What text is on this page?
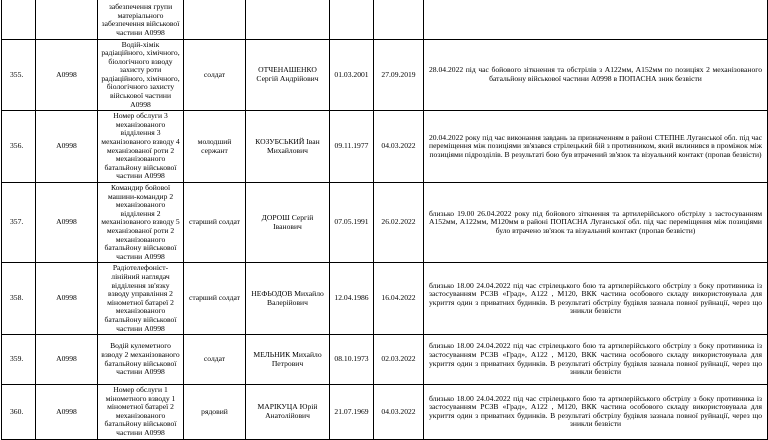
		забезпечення групи матеріального забезпечення військової частини А0998					
355.	А0998	Водій-хімік радіаційного, хімічного, біологічного взводу захисту роти радіаційного, хімічного, біологічного захисту військової частини А0998	солдат	ОТЧЕНАШЕНКО Сергій Андрійович	01.03.2001	27.09.2019	28.04.2022 під час бойового зіткнення та обстрілів з А122мм, А152мм по позиціях 2 механізованого батальйону військової частини А0998 в ПОПАСНА зник безвісти
356.	А0998	Номер обслуги 3 механізованого відділення 3 механізованого взводу 4 механізованої роти 2 механізованого батальйону військової частини А0998	молодший сержант	КОЗУБСЬКИЙ Іван Михайлович	09.11.1977	04.03.2022	20.04.2022 року під час виконання завдань за призначенням в районі СТЕПНЕ Луганської обл. під час переміщення між позиціями зв'язався стрілецький бій з противником, який вклинився в проміжок між позиціями підрозділів. В результаті бою був втрачений зв'язок та візуальний контакт (пропав безвісти)
357.	А0998	Командир бойової машини-командир 2 механізованого відділення 2 механізованого взводу 5 механізованої роти 2 механізованого батальйону військової частини А0998	старший солдат	ДОРОШ Сергій Іванович	07.05.1991	26.02.2022	близько 19.00 26.04.2022 року під бойового зіткнення та артилерійського обстрілу з застосуванням А152мм, А122мм, М120мм в районі ПОПАСНА Луганської обл. під час переміщення між позиціями було втрачено зв'язок та візуальний контакт (пропав безвісти)
358.	А0998	Радіотелефоніст-лінійний наглядач відділення зв'язку взводу управління 2 мінометної батареї 2 механізованого батальйону військової частини А0998	старший солдат	НЕФЬОДОВ Михайло Валерійович	12.04.1986	16.04.2022	близько 18.00 24.04.2022 під час стрілецького бою та артилерійського обстрілу з боку противника із застосуванням РСЗВ «Град», А122 , М120, ВКК частина особового складу використовувала для укриття один з приватних будинків. В результаті обстрілу будівля зазнала повної руйнації, через що зникли безвісти
359.	А0998	Водій кулеметного взводу 2 механізованого батальйону військової частини А0998	солдат	МЕЛЬНИК Михайло Петрович	08.10.1973	02.03.2022	близько 18.00 24.04.2022 під час стрілецького бою та артилерійського обстрілу з боку противника із застосуванням РСЗВ «Град», А122 , М120, ВКК частина особового складу використовувала для укриття один з приватних будинків. В результаті обстрілу будівля зазнала повної руйнації, через що зникли безвісти
360.	А0998	Номер обслуги 1 мінометного взводу 1 мінометної батареї 2 механізованого батальйону військової частини А0998	рядовий	МАРІКУЦА Юрій Анатолійович	21.07.1969	04.03.2022	близько 18.00 24.04.2022 під час стрілецького бою та артилерійського обстрілу з боку противника із застосуванням РСЗВ «Град», А122 , М120, ВКК частина особового складу використовувала для укриття один з приватних будинків. В результаті обстрілу будівля зазнала повної руйнації, через що зникли безвісти
